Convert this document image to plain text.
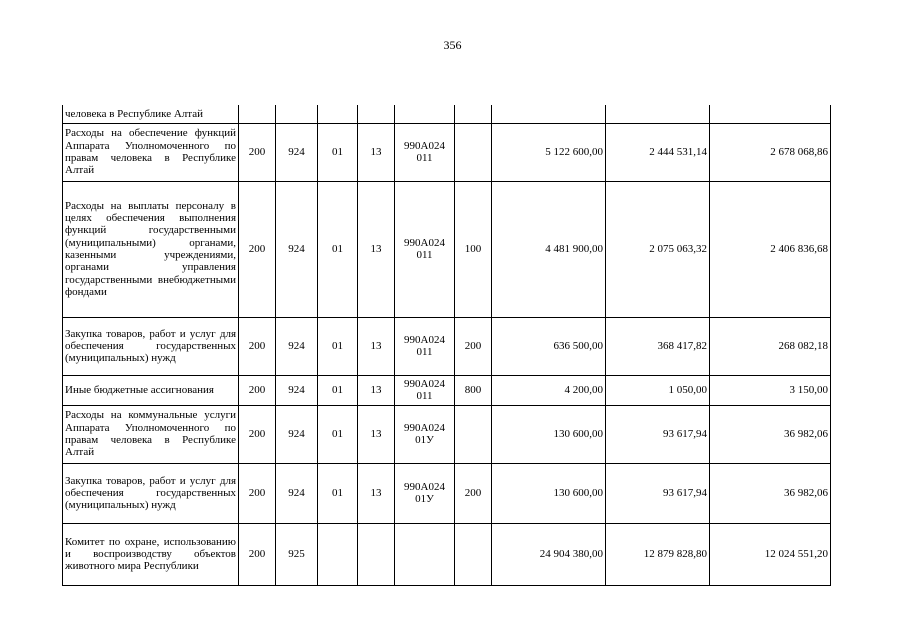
356
человека в Республике Алтай									
Расходы на обеспечение функций Аппарата Уполномоченного по правам человека в Республике Алтай	200	924	01	13	990А024 011		5 122 600,00	2 444 531,14	2 678 068,86
Расходы на выплаты персоналу в целях обеспечения выполнения функций государственными (муниципальными) органами, казенными учреждениями, органами управления государственными внебюджетными фондами	200	924	01	13	990А024 011	100	4 481 900,00	2 075 063,32	2 406 836,68
Закупка товаров, работ и услуг для обеспечения государственных (муниципальных) нужд	200	924	01	13	990А024 011	200	636 500,00	368 417,82	268 082,18
Иные бюджетные ассигнования	200	924	01	13	990А024 011	800	4 200,00	1 050,00	3 150,00
Расходы на коммунальные услуги Аппарата Уполномоченного по правам человека в Республике Алтай	200	924	01	13	990А024 01У		130 600,00	93 617,94	36 982,06
Закупка товаров, работ и услуг для обеспечения государственных (муниципальных) нужд	200	924	01	13	990А024 01У	200	130 600,00	93 617,94	36 982,06
Комитет по охране, использованию и воспроизводству объектов животного мира Республики	200	925					24 904 380,00	12 879 828,80	12 024 551,20
